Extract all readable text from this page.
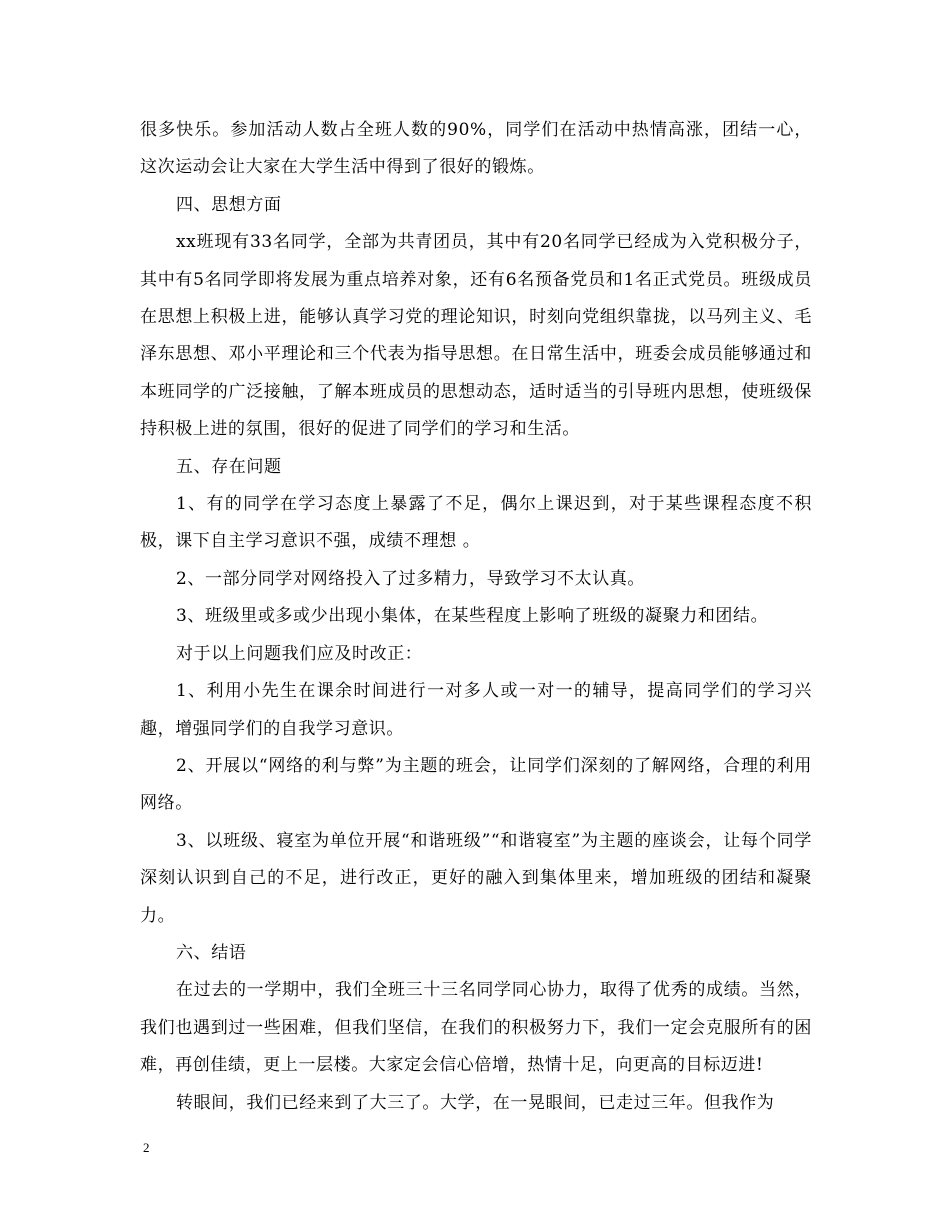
很多快乐。参加活动人数占全班人数的90%，同学们在活动中热情高涨，团结一心，这次运动会让大家在大学生活中得到了很好的锻炼。

四、思想方面

xx班现有33名同学，全部为共青团员，其中有20名同学已经成为入党积极分子，其中有5名同学即将发展为重点培养对象，还有6名预备党员和1名正式党员。班级成员在思想上积极上进，能够认真学习党的理论知识，时刻向党组织靠拢，以马列主义、毛泽东思想、邓小平理论和三个代表为指导思想。在日常生活中，班委会成员能够通过和本班同学的广泛接触，了解本班成员的思想动态，适时适当的引导班内思想，使班级保持积极上进的氛围，很好的促进了同学们的学习和生活。

五、存在问题

1、有的同学在学习态度上暴露了不足，偶尔上课迟到，对于某些课程态度不积极，课下自主学习意识不强，成绩不理想 。

2、一部分同学对网络投入了过多精力，导致学习不太认真。

3、班级里或多或少出现小集体，在某些程度上影响了班级的凝聚力和团结。

对于以上问题我们应及时改正：

1、利用小先生在课余时间进行一对多人或一对一的辅导，提高同学们的学习兴趣，增强同学们的自我学习意识。

2、开展以“网络的利与弊”为主题的班会，让同学们深刻的了解网络，合理的利用网络。

3、以班级、寝室为单位开展“和谐班级”“和谐寝室”为主题的座谈会，让每个同学深刻认识到自己的不足，进行改正，更好的融入到集体里来，增加班级的团结和凝聚力。

六、结语

在过去的一学期中，我们全班三十三名同学同心协力，取得了优秀的成绩。当然，我们也遇到过一些困难，但我们坚信，在我们的积极努力下，我们一定会克服所有的困难，再创佳绩，更上一层楼。大家定会信心倍增，热情十足，向更高的目标迈进!

转眼间，我们已经来到了大三了。大学，在一晃眼间，已走过三年。但我作为

2
